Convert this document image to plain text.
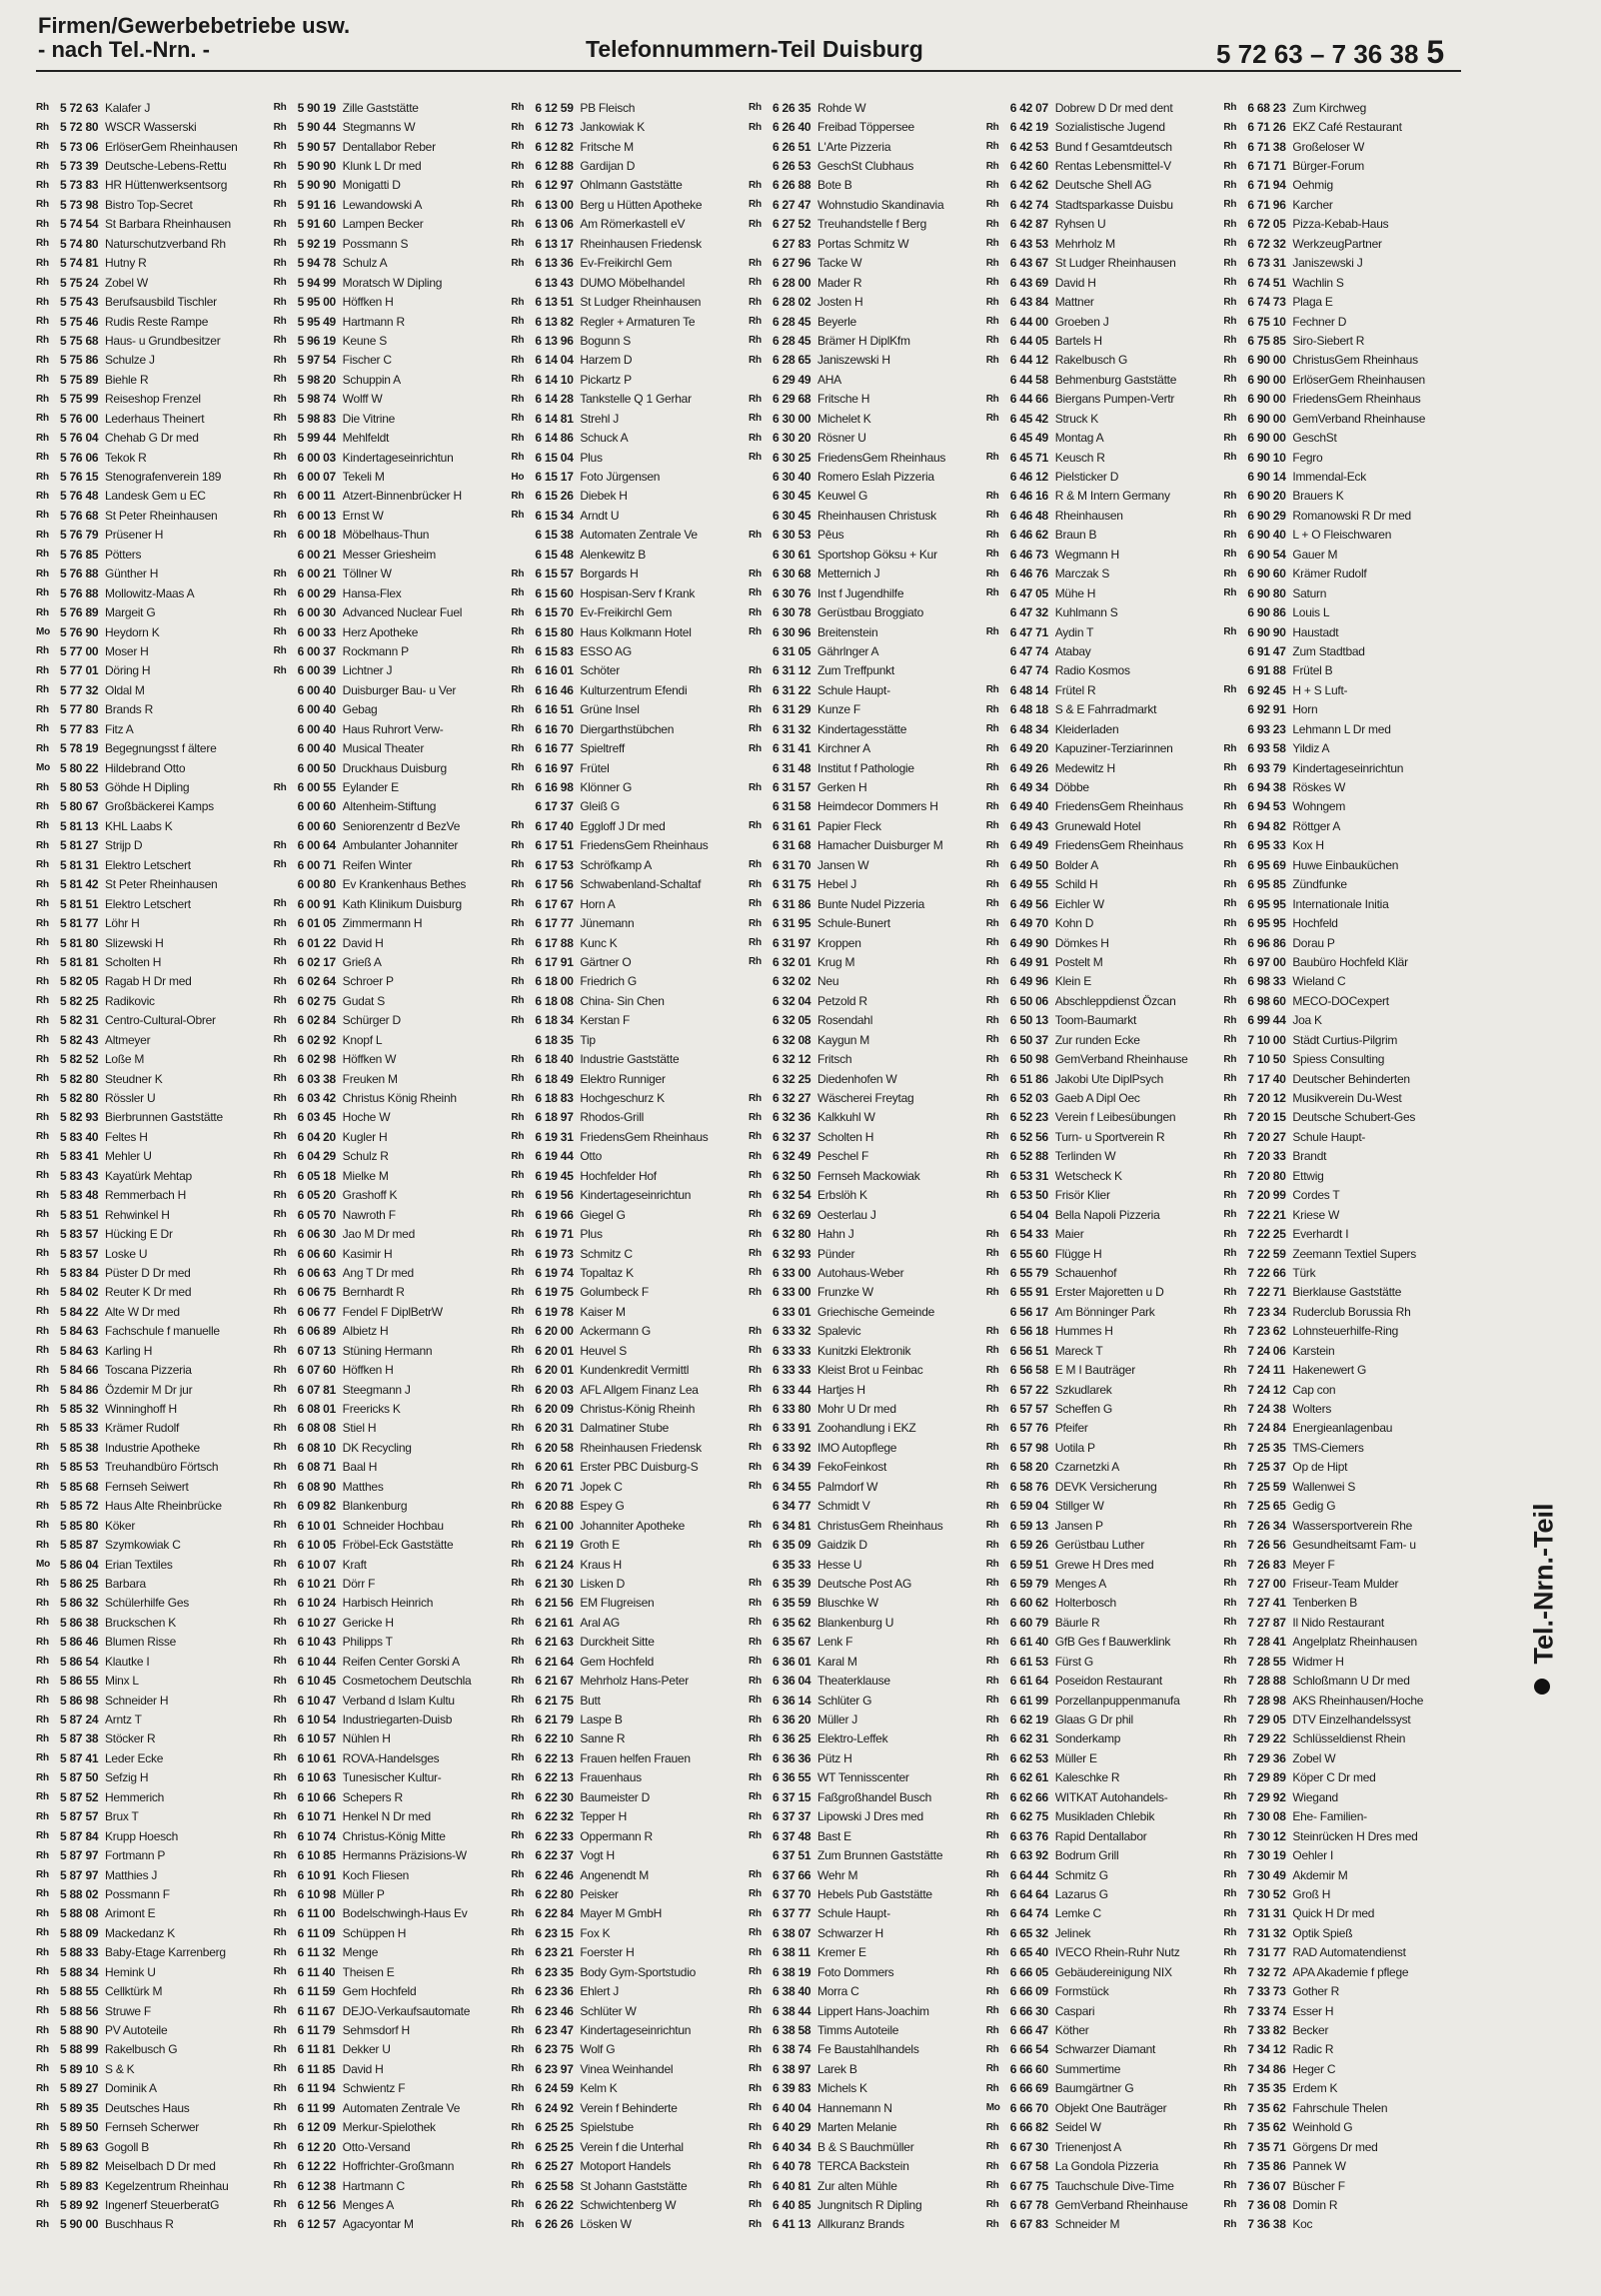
Firmen/Gewerbebetriebe usw.
- nach Tel.-Nrn. -	Telefonnummern-Teil Duisburg	5 72 63 – 7 36 38 5
Rh 5 72 63 Kalafer J
Rh 5 72 80 WSCR Wasserski
Rh 5 73 06 ErlöserGem Rheinhausen
Rh 5 73 39 Deutsche-Lebens-Rettu
Rh 5 73 83 HR Hüttenwerksentsorg
Rh 5 73 98 Bistro Top-Secret
Rh 5 74 54 St Barbara Rheinhausen
Rh 5 74 80 Naturschutzverband Rh
Rh 5 74 81 Hutny R
Rh 5 75 24 Zobel W
Rh 5 75 43 Berufsausbild Tischler
Rh 5 75 46 Rudis Reste Rampe
Rh 5 75 68 Haus- u Grundbesitzer
Rh 5 75 86 Schulze J
Rh 5 75 89 Biehle R
Rh 5 75 99 Reiseshop Frenzel
Rh 5 76 00 Lederhaus Theinert
Rh 5 76 04 Chehab G Dr med
Rh 5 76 06 Tekok R
Rh 5 76 15 Stenografenverein 189
Rh 5 76 48 Landesk Gem u EC
Rh 5 76 68 St Peter Rheinhausen
Rh 5 76 79 Prüsener H
Rh 5 76 85 Pötters
Rh 5 76 88 Günther H
Rh 5 76 88 Mollowitz-Maas A
Rh 5 76 89 Margeit G
Mo 5 76 90 Heydorn K
Rh 5 77 00 Moser H
Rh 5 77 01 Döring H
Rh 5 77 32 Oldal M
Rh 5 77 80 Brands R
Rh 5 77 83 Fitz A
Rh 5 78 19 Begegnungsst f ältere
Mo 5 80 22 Hildebrand Otto
Rh 5 80 53 Göhde H Dipling
Rh 5 80 67 Großbäckerei Kamps
Rh 5 81 13 KHL Laabs K
Rh 5 81 27 Strijp D
Rh 5 81 31 Elektro Letschert
Rh 5 81 42 St Peter Rheinhausen
Rh 5 81 51 Elektro Letschert
Rh 5 81 77 Löhr H
Rh 5 81 80 Slizewski H
Rh 5 81 81 Scholten H
Rh 5 82 05 Ragab H Dr med
Rh 5 82 25 Radikovic
Rh 5 82 31 Centro-Cultural-Obrer
Rh 5 82 43 Altmeyer
Rh 5 82 52 Loße M
Rh 5 82 80 Steudner K
Rh 5 82 80 Rössler U
Rh 5 82 93 Bierbrunnen Gaststätte
Rh 5 83 40 Feltes H
Rh 5 83 41 Mehler U
Rh 5 83 43 Kayatürk Mehtap
Rh 5 83 48 Remmerbach H
Rh 5 83 51 Rehwinkel H
Rh 5 83 57 Hücking E Dr
Rh 5 83 57 Loske U
Rh 5 83 84 Püster D Dr med
Rh 5 84 02 Reuter K Dr med
Rh 5 84 22 Alte W Dr med
Rh 5 84 63 Fachschule f manuelle
Rh 5 84 63 Karling H
Rh 5 84 66 Toscana Pizzeria
Rh 5 84 86 Özdemir M Dr jur
Rh 5 85 32 Winninghoff H
Rh 5 85 33 Krämer Rudolf
Rh 5 85 38 Industrie Apotheke
Rh 5 85 53 Treuhandbüro Förtsch
Rh 5 85 68 Fernseh Seiwert
Rh 5 85 72 Haus Alte Rheinbrücke
Rh 5 85 80 Köker
Rh 5 85 87 Szymkowiak C
Mo 5 86 04 Erian Textiles
Rh 5 86 25 Barbara
Rh 5 86 32 Schülerhilfe Ges
Rh 5 86 38 Bruckschen K
Rh 5 86 46 Blumen Risse
Rh 5 86 54 Klautke I
Rh 5 86 55 Minx L
Rh 5 86 98 Schneider H
Rh 5 87 24 Arntz T
Rh 5 87 38 Stöcker R
Rh 5 87 41 Leder Ecke
Rh 5 87 50 Sefzig H
Rh 5 87 52 Hemmerich
Rh 5 87 57 Brux T
Rh 5 87 84 Krupp Hoesch
Rh 5 87 97 Fortmann P
Rh 5 87 97 Matthies J
Rh 5 88 02 Possmann F
Rh 5 88 08 Arimont E
Rh 5 88 09 Mackedanz K
Rh 5 88 33 Baby-Etage Karrenberg
Rh 5 88 34 Hemink U
Rh 5 88 55 Cellktürk M
Rh 5 88 56 Struwe F
Rh 5 88 90 PV Autoteile
Rh 5 88 99 Rakelbusch G
Rh 5 89 10 S & K
Rh 5 89 27 Dominik A
Rh 5 89 35 Deutsches Haus
Rh 5 89 50 Fernseh Scherwer
Rh 5 89 63 Gogoll B
Rh 5 89 82 Meiselbach D Dr med
Rh 5 89 83 Kegelzentrum Rheinhau
Rh 5 89 92 Ingenerf SteuerberatG
Rh 5 90 00 Buschhaus R
Rh 5 90 19 Zille Gaststätte
Rh 5 90 44 Stegmanns W
Rh 5 90 57 Dentallabor Reber
Rh 5 90 90 Klunk L Dr med
Rh 5 90 90 Monigatti D
Rh 5 91 16 Lewandowski A
Rh 5 91 60 Lampen Becker
Rh 5 92 19 Possmann S
Rh 5 94 78 Schulz A
Rh 5 94 99 Moratsch W Dipling
Rh 5 95 00 Höffken H
Rh 5 95 49 Hartmann R
Rh 5 96 19 Keune S
Rh 5 97 54 Fischer C
Rh 5 98 20 Schuppin A
Rh 5 98 74 Wolff W
Rh 5 98 83 Die Vitrine
Rh 5 99 44 Mehlfeldt
Rh 6 00 03 Kindertageseinrichtun
Rh 6 00 07 Tekeli M
Rh 6 00 11 Atzert-Binnenbrücker H
Rh 6 00 13 Ernst W
Rh 6 00 18 Möbelhaus-Thun
6 00 21 Messer Griesheim
Rh 6 00 21 Töllner W
Rh 6 00 29 Hansa-Flex
Rh 6 00 30 Advanced Nuclear Fuel
Rh 6 00 33 Herz Apotheke
Rh 6 00 37 Rockmann P
Rh 6 00 39 Lichtner J
6 00 40 Duisburger Bau- u Ver
6 00 40 Gebag
6 00 40 Haus Ruhrort Verw-
6 00 40 Musical Theater
6 00 50 Druckhaus Duisburg
Rh 6 00 55 Eylander E
6 00 60 Altenheim-Stiftung
6 00 60 Seniorenzentr d BezVe
Rh 6 00 64 Ambulanter Johanniter
Rh 6 00 71 Reifen Winter
6 00 80 Ev Krankenhaus Bethes
Rh 6 00 91 Kath Klinikum Duisburg
Rh 6 01 05 Zimmermann H
Rh 6 01 22 David H
Rh 6 02 17 Grieß A
Rh 6 02 64 Schroer P
Rh 6 02 75 Gudat S
Rh 6 02 84 Schürger D
Rh 6 02 92 Knopf L
Rh 6 02 98 Höffken W
Rh 6 03 38 Freuken M
Rh 6 03 42 Christus König Rheinh
Rh 6 03 45 Hoche W
Rh 6 04 20 Kugler H
Rh 6 04 29 Schulz R
Rh 6 05 18 Mielke M
Rh 6 05 20 Grashoff K
Rh 6 05 70 Nawroth F
Rh 6 06 30 Jao M Dr med
Rh 6 06 60 Kasimir H
Rh 6 06 63 Ang T Dr med
Rh 6 06 75 Bernhardt R
Rh 6 06 77 Fendel F DiplBetrW
Rh 6 06 89 Albietz H
Rh 6 07 13 Stüning Hermann
Rh 6 07 60 Höffken H
Rh 6 07 81 Steegmann J
Rh 6 08 01 Freericks K
Rh 6 08 08 Stiel H
Rh 6 08 10 DK Recycling
Rh 6 08 71 Baal H
Rh 6 08 90 Matthes
Rh 6 09 82 Blankenburg
Rh 6 10 01 Schneider Hochbau
Rh 6 10 05 Fröbel-Eck Gaststätte
Rh 6 10 07 Kraft
Rh 6 10 21 Dörr F
Rh 6 10 24 Harbisch Heinrich
Rh 6 10 27 Gericke H
Rh 6 10 43 Philipps T
Rh 6 10 44 Reifen Center Gorski A
Rh 6 10 45 Cosmetochem Deutschla
Rh 6 10 47 Verband d Islam Kultu
Rh 6 10 54 Industriegarten-Duisb
Rh 6 10 57 Nühlen H
Rh 6 10 61 ROVA-Handelsges
Rh 6 10 63 Tunesischer Kultur-
Rh 6 10 66 Schepers R
Rh 6 10 71 Henkel N Dr med
Rh 6 10 74 Christus-König Mitte
Rh 6 10 85 Hermanns Präzisions-W
Rh 6 10 91 Koch Fliesen
Rh 6 10 98 Müller P
Rh 6 11 00 Bodelschwingh-Haus Ev
Rh 6 11 09 Schüppen H
Rh 6 11 32 Menge
Rh 6 11 40 Theisen E
Rh 6 11 59 Gem Hochfeld
Rh 6 11 67 DEJO-Verkaufsautomate
Rh 6 11 79 Sehmsdorf H
Rh 6 11 81 Dekker U
Rh 6 11 85 David H
Rh 6 11 94 Schwientz F
Rh 6 11 99 Automaten Zentrale Ve
Rh 6 12 09 Merkur-Spielothek
Rh 6 12 20 Otto-Versand
Rh 6 12 22 Hoffrichter-Großmann
Rh 6 12 38 Hartmann C
Rh 6 12 56 Menges A
Rh 6 12 57 Agacyontar M
Rh 6 12 59 PB Fleisch
Rh 6 12 73 Jankowiak K
Rh 6 12 82 Fritsche M
Rh 6 12 88 Gardijan D
Rh 6 12 97 Ohlmann Gaststätte
Rh 6 13 00 Berg u Hütten Apotheke
Rh 6 13 06 Am Römerkastell eV
Rh 6 13 17 Rheinhausen Friedensk
Rh 6 13 36 Ev-Freikirchl Gem
6 13 43 DUMO Möbelhandel
Rh 6 13 51 St Ludger Rheinhausen
Rh 6 13 82 Regler + Armaturen Te
Rh 6 13 96 Bogunn S
Rh 6 14 04 Harzem D
Rh 6 14 10 Pickartz P
Rh 6 14 28 Tankstelle Q 1 Gerhar
Rh 6 14 81 Strehl J
Rh 6 14 86 Schuck A
Rh 6 15 04 Plus
Ho 6 15 17 Foto Jürgensen
Rh 6 15 26 Diebek H
Rh 6 15 34 Arndt U
6 15 38 Automaten Zentrale Ve
6 15 48 Alenkewitz B
Rh 6 15 57 Borgards H
Rh 6 15 60 Hospisan-Serv f Krank
Rh 6 15 70 Ev-Freikirchl Gem
Rh 6 15 80 Haus Kolkmann Hotel
Rh 6 15 83 ESSO AG
Rh 6 16 01 Schöter
Rh 6 16 46 Kulturzentrum Efendi
Rh 6 16 51 Grüne Insel
Rh 6 16 70 Diergarthstübchen
Rh 6 16 77 Spieltreff
Rh 6 16 97 Frütel
Rh 6 16 98 Klönner G
6 17 37 Gleiß G
Rh 6 17 40 Eggloff J Dr med
Rh 6 17 51 FriedensGem Rheinhaus
Rh 6 17 53 Schröfkamp A
Rh 6 17 56 Schwabenland-Schaltaf
Rh 6 17 67 Horn A
Rh 6 17 77 Jünemann
Rh 6 17 88 Kunc K
Rh 6 17 91 Gärtner O
Rh 6 18 00 Friedrich G
Rh 6 18 08 China- Sin Chen
Rh 6 18 34 Kerstan F
6 18 35 Tip
Rh 6 18 40 Industrie Gaststätte
Rh 6 18 49 Elektro Runniger
Rh 6 18 83 Hochgeschurz K
Rh 6 18 97 Rhodos-Grill
Rh 6 19 31 FriedensGem Rheinhaus
Rh 6 19 44 Otto
Rh 6 19 45 Hochfelder Hof
Rh 6 19 56 Kindertageseinrichtun
Rh 6 19 66 Giegel G
Rh 6 19 71 Plus
Rh 6 19 73 Schmitz C
Rh 6 19 74 Topaltaz K
Rh 6 19 75 Golumbeck F
Rh 6 19 78 Kaiser M
Rh 6 20 00 Ackermann G
Rh 6 20 01 Heuvel S
Rh 6 20 01 Kundenkredit Vermittl
Rh 6 20 03 AFL Allgem Finanz Lea
Rh 6 20 09 Christus-König Rheinh
Rh 6 20 31 Dalmatiner Stube
Rh 6 20 58 Rheinhausen Friedensk
Rh 6 20 61 Erster PBC Duisburg-S
Rh 6 20 71 Jopek C
Rh 6 20 88 Espey G
Rh 6 21 00 Johanniter Apotheke
Rh 6 21 19 Groth E
Rh 6 21 24 Kraus H
Rh 6 21 30 Lisken D
Rh 6 21 56 EM Flugreisen
Rh 6 21 61 Aral AG
Rh 6 21 63 Durckheit Sitte
Rh 6 21 64 Gem Hochfeld
Rh 6 21 67 Mehrholz Hans-Peter
Rh 6 21 75 Butt
Rh 6 21 79 Laspe B
Rh 6 22 10 Sanne R
Rh 6 22 13 Frauen helfen Frauen
Rh 6 22 13 Frauenhaus
Rh 6 22 30 Baumeister D
Rh 6 22 32 Tepper H
Rh 6 22 33 Oppermann R
Rh 6 22 37 Vogt H
Rh 6 22 46 Angenendt M
Rh 6 22 80 Peisker
Rh 6 22 84 Mayer M GmbH
Rh 6 23 15 Fox K
Rh 6 23 21 Foerster H
Rh 6 23 35 Body Gym-Sportstudio
Rh 6 23 36 Ehlert J
Rh 6 23 46 Schlüter W
Rh 6 23 47 Kindertageseinrichtun
Rh 6 23 75 Wolf G
Rh 6 23 97 Vinea Weinhandel
Rh 6 24 59 Kelm K
Rh 6 24 92 Verein f Behinderte
Rh 6 25 25 Spielstube
Rh 6 25 25 Verein f die Unterhal
Rh 6 25 27 Motoport Handels
Rh 6 25 58 St Johann Gaststätte
Rh 6 26 22 Schwichtenberg W
Rh 6 26 26 Lösken W
Rh 6 26 35 Rohde W
Rh 6 26 40 Freibad Töppersee
6 26 51 L'Arte Pizzeria
6 26 53 GeschSt Clubhaus
Rh 6 26 88 Bote B
Rh 6 27 47 Wohnstudio Skandinavia
Rh 6 27 52 Treuhandstelle f Berg
6 27 83 Portas Schmitz W
Rh 6 27 96 Tacke W
Rh 6 28 00 Mader R
Rh 6 28 02 Josten H
Rh 6 28 45 Beyerle
Rh 6 28 45 Brämer H DiplKfm
Rh 6 28 65 Janiszewski H
6 29 49 AHA
Rh 6 29 68 Fritsche H
Rh 6 30 00 Michelet K
Rh 6 30 20 Rösner U
Rh 6 30 25 FriedensGem Rheinhaus
6 30 40 Romero Eslah Pizzeria
6 30 45 Keuwel G
6 30 45 Rheinhausen Christusk
Rh 6 30 53 Pēus
6 30 61 Sportshop Göksu + Kur
Rh 6 30 68 Metternich J
Rh 6 30 76 Inst f Jugendhilfe
Rh 6 30 78 Gerüstbau Broggiato
Rh 6 30 96 Breitenstein
6 31 05 Gährlnger A
Rh 6 31 12 Zum Treffpunkt
Rh 6 31 22 Schule Haupt-
Rh 6 31 29 Kunze F
Rh 6 31 32 Kindertagesstätte
Rh 6 31 41 Kirchner A
6 31 48 Institut f Pathologie
Rh 6 31 57 Gerken H
6 31 58 Heimdecor Dommers H
Rh 6 31 61 Papier Fleck
6 31 68 Hamacher Duisburger M
Rh 6 31 70 Jansen W
Rh 6 31 75 Hebel J
Rh 6 31 86 Bunte Nudel Pizzeria
Rh 6 31 95 Schule-Bunert
Rh 6 31 97 Kroppen
Rh 6 32 01 Krug M
6 32 02 Neu
6 32 04 Petzold R
6 32 05 Rosendahl
6 32 08 Kaygun M
6 32 12 Fritsch
6 32 25 Diedenhofen W
Rh 6 32 27 Wäscherei Freytag
Rh 6 32 36 Kalkkuhl W
Rh 6 32 37 Scholten H
Rh 6 32 49 Peschel F
Rh 6 32 50 Fernseh Mackowiak
Rh 6 32 54 Erbslöh K
Rh 6 32 69 Oesterlau J
Rh 6 32 80 Hahn J
Rh 6 32 93 Pünder
Rh 6 33 00 Autohaus-Weber
Rh 6 33 00 Frunzke W
6 33 01 Griechische Gemeinde
Rh 6 33 32 Spalevic
Rh 6 33 33 Kunitzki Elektronik
Rh 6 33 33 Kleist Brot u Feinbac
Rh 6 33 44 Hartjes H
Rh 6 33 80 Mohr U Dr med
Rh 6 33 91 Zoohandlung i EKZ
Rh 6 33 92 IMO Autopflege
Rh 6 34 39 FekoFeinkost
Rh 6 34 55 Palmdorf W
6 34 77 Schmidt V
Rh 6 34 81 ChristusGem Rheinhaus
Rh 6 35 09 Gaidzik D
6 35 33 Hesse U
Rh 6 35 39 Deutsche Post AG
Rh 6 35 59 Bluschke W
Rh 6 35 62 Blankenburg U
Rh 6 35 67 Lenk F
Rh 6 36 01 Karal M
Rh 6 36 04 Theaterklause
Rh 6 36 14 Schlüter G
Rh 6 36 20 Müller J
Rh 6 36 25 Elektro-Leffek
Rh 6 36 36 Pütz H
Rh 6 36 55 WT Tennisscenter
Rh 6 37 15 Faßgroßhandel Busch
Rh 6 37 37 Lipowski J Dres med
Rh 6 37 48 Bast E
6 37 51 Zum Brunnen Gaststätte
Rh 6 37 66 Wehr M
Rh 6 37 70 Hebels Pub Gaststätte
Rh 6 37 77 Schule Haupt-
Rh 6 38 07 Schwarzer H
Rh 6 38 11 Kremer E
Rh 6 38 19 Foto Dommers
Rh 6 38 40 Morra C
Rh 6 38 44 Lippert Hans-Joachim
Rh 6 38 58 Timms Autoteile
Rh 6 38 74 Fe Baustahlhandels
Rh 6 38 97 Larek B
Rh 6 39 83 Michels K
Rh 6 40 04 Hannemann N
Rh 6 40 29 Marten Melanie
Rh 6 40 34 B & S Bauchmüller
Rh 6 40 78 TERCA Backstein
Rh 6 40 81 Zur alten Mühle
Rh 6 40 85 Jungnitsch R Dipling
Rh 6 41 13 Allkuranz Brands
6 42 07 Dobrew D Dr med dent
Rh 6 42 19 Sozialistische Jugend
Rh 6 42 53 Bund f Gesamtdeutsch
Rh 6 42 60 Rentas Lebensmittel-V
Rh 6 42 62 Deutsche Shell AG
Rh 6 42 74 Stadtsparkasse Duisbu
Rh 6 42 87 Ryhsen U
Rh 6 43 53 Mehrholz M
Rh 6 43 67 St Ludger Rheinhausen
Rh 6 43 69 David H
Rh 6 43 84 Mattner
Rh 6 44 00 Groeben J
Rh 6 44 05 Bartels H
Rh 6 44 12 Rakelbusch G
6 44 58 Behmenburg Gaststätte
Rh 6 44 66 Biergans Pumpen-Vertr
Rh 6 45 42 Struck K
6 45 49 Montag A
Rh 6 45 71 Keusch R
6 46 12 Pielsticker D
Rh 6 46 16 R & M Intern Germany
Rh 6 46 48 Rheinhausen
Rh 6 46 62 Braun B
Rh 6 46 73 Wegmann H
Rh 6 46 76 Marczak S
Rh 6 47 05 Mühe H
6 47 32 Kuhlmann S
Rh 6 47 71 Aydin T
6 47 74 Atabay
6 47 74 Radio Kosmos
Rh 6 48 14 Frütel R
Rh 6 48 18 S & E Fahrradmarkt
Rh 6 48 34 Kleiderladen
Rh 6 49 20 Kapuziner-Terziarinnen
Rh 6 49 26 Medewitz H
Rh 6 49 34 Döbbe
Rh 6 49 40 FriedensGem Rheinhaus
Rh 6 49 43 Grunewald Hotel
Rh 6 49 49 FriedensGem Rheinhaus
Rh 6 49 50 Bolder A
Rh 6 49 55 Schild H
Rh 6 49 56 Eichler W
Rh 6 49 70 Kohn D
Rh 6 49 90 Dömkes H
Rh 6 49 91 Postelt M
Rh 6 49 96 Klein E
Rh 6 50 06 Abschleppdienst Özcan
Rh 6 50 13 Toom-Baumarkt
Rh 6 50 37 Zur runden Ecke
Rh 6 50 98 GemVerband Rheinhause
Rh 6 51 86 Jakobi Ute DiplPsych
Rh 6 52 03 Gaeb A Dipl Oec
Rh 6 52 23 Verein f Leibesübungen
Rh 6 52 56 Turn- u Sportverein R
Rh 6 52 88 Terlinden W
Rh 6 53 31 Wetscheck K
Rh 6 53 50 Frisör Klier
6 54 04 Bella Napoli Pizzeria
Rh 6 54 33 Maier
Rh 6 55 60 Flügge H
Rh 6 55 79 Schauenhof
Rh 6 55 91 Erster Majoretten u D
6 56 17 Am Bönninger Park
Rh 6 56 18 Hummes H
Rh 6 56 51 Mareck T
Rh 6 56 58 E M I Bauträger
Rh 6 57 22 Szkudlarek
Rh 6 57 57 Scheffen G
Rh 6 57 76 Pfeifer
Rh 6 57 98 Uotila P
Rh 6 58 20 Czarnetzki A
Rh 6 58 76 DEVK Versicherung
Rh 6 59 04 Stillger W
Rh 6 59 13 Jansen P
Rh 6 59 26 Gerüstbau Luther
Rh 6 59 51 Grewe H Dres med
Rh 6 59 79 Menges A
Rh 6 60 62 Holterbosch
Rh 6 60 79 Bäurle R
Rh 6 61 40 GfB Ges f Bauwerklink
Rh 6 61 53 Fürst G
Rh 6 61 64 Poseidon Restaurant
Rh 6 61 99 Porzellanpuppenmanufa
Rh 6 62 19 Glaas G Dr phil
Rh 6 62 31 Sonderkamp
Rh 6 62 53 Müller E
Rh 6 62 61 Kaleschke R
Rh 6 62 66 WITKAT Autohandels-
Rh 6 62 75 Musikladen Chlebik
Rh 6 63 76 Rapid Dentallabor
Rh 6 63 92 Bodrum Grill
Rh 6 64 44 Schmitz G
Rh 6 64 64 Lazarus G
Rh 6 64 74 Lemke C
Rh 6 65 32 Jelinek
Rh 6 65 40 IVECO Rhein-Ruhr Nutz
Rh 6 66 05 Gebäudereinigung NIX
Rh 6 66 09 Formstück
Rh 6 66 30 Caspari
Rh 6 66 47 Köther
Rh 6 66 54 Schwarzer Diamant
Rh 6 66 60 Summertime
Rh 6 66 69 Baumgärtner G
Mo 6 66 70 Objekt One Bauträger
Rh 6 66 82 Seidel W
Rh 6 67 30 Trienenjost A
Rh 6 67 58 La Gondola Pizzeria
Rh 6 67 75 Tauchschule Dive-Time
Rh 6 67 78 GemVerband Rheinhause
Rh 6 67 83 Schneider M
Rh 6 68 23 Zum Kirchweg
Rh 6 71 26 EKZ Café Restaurant
Rh 6 71 38 Großeloser W
Rh 6 71 71 Bürger-Forum
Rh 6 71 94 Oehmig
Rh 6 71 96 Karcher
Rh 6 72 05 Pizza-Kebab-Haus
Rh 6 72 32 WerkzeugPartner
Rh 6 73 31 Janiszewski J
Rh 6 74 51 Wachlin S
Rh 6 74 73 Plaga E
Rh 6 75 10 Fechner D
Rh 6 75 85 Siro-Siebert R
Rh 6 90 00 ChristusGem Rheinhaus
Rh 6 90 00 ErlöserGem Rheinhausen
Rh 6 90 00 FriedensGem Rheinhaus
Rh 6 90 00 GemVerband Rheinhause
Rh 6 90 00 GeschSt
Rh 6 90 10 Fegro
6 90 14 Immendal-Eck
Rh 6 90 20 Brauers K
Rh 6 90 29 Romanowski R Dr med
Rh 6 90 40 L + O Fleischwaren
Rh 6 90 54 Gauer M
Rh 6 90 60 Krämer Rudolf
Rh 6 90 80 Saturn
6 90 86 Louis L
Rh 6 90 90 Haustadt
6 91 47 Zum Stadtbad
6 91 88 Frütel B
Rh 6 92 45 H + S Luft-
6 92 91 Horn
6 93 23 Lehmann L Dr med
Rh 6 93 58 Yildiz A
Rh 6 93 79 Kindertageseinrichtun
Rh 6 94 38 Röskes W
Rh 6 94 53 Wohngem
Rh 6 94 82 Röttger A
Rh 6 95 33 Kox H
Rh 6 95 69 Huwe Einbauküchen
Rh 6 95 85 Zündfunke
Rh 6 95 95 Internationale Initia
Rh 6 95 95 Hochfeld
Rh 6 96 86 Dorau P
Rh 6 97 00 Baubüro Hochfeld Klär
Rh 6 98 33 Wieland C
Rh 6 98 60 MECO-DOCexpert
Rh 6 99 44 Joa K
Rh 7 10 00 Städt Curtius-Pilgrim
Rh 7 10 50 Spiess Consulting
Rh 7 17 40 Deutscher Behinderten
Rh 7 20 12 Musikverein Du-West
Rh 7 20 15 Deutsche Schubert-Ges
Rh 7 20 27 Schule Haupt-
Rh 7 20 33 Brandt
Rh 7 20 80 Ettwig
Rh 7 20 99 Cordes T
Rh 7 22 21 Kriese W
Rh 7 22 25 Everhardt I
Rh 7 22 59 Zeemann Textiel Supers
Rh 7 22 66 Türk
Rh 7 22 71 Bierklause Gaststätte
Rh 7 23 34 Ruderclub Borussia Rh
Rh 7 23 62 Lohnsteuerhilfe-Ring
Rh 7 24 06 Karstein
Rh 7 24 11 Hakenewert G
Rh 7 24 12 Cap con
Rh 7 24 38 Wolters
Rh 7 24 84 Energieanlagenbau
Rh 7 25 35 TMS-Ciemers
Rh 7 25 37 Op de Hipt
Rh 7 25 59 Wallenwei S
Rh 7 25 65 Gedig G
Rh 7 26 34 Wassersportverein Rhe
Rh 7 26 56 Gesundheitsamt Fam- u
Rh 7 26 83 Meyer F
Rh 7 27 00 Friseur-Team Mulder
Rh 7 27 41 Tenberken B
Rh 7 27 87 Il Nido Restaurant
Rh 7 28 41 Angelplatz Rheinhausen
Rh 7 28 55 Widmer H
Rh 7 28 88 Schloßmann U Dr med
Rh 7 28 98 AKS Rheinhausen/Hoche
Rh 7 29 05 DTV Einzelhandelssyst
Rh 7 29 22 Schlüsseldienst Rhein
Rh 7 29 36 Zobel W
Rh 7 29 89 Köper C Dr med
Rh 7 29 92 Wiegand
Rh 7 30 08 Ehe- Familien-
Rh 7 30 12 Steinrücken H Dres med
Rh 7 30 19 Oehler I
Rh 7 30 49 Akdemir M
Rh 7 30 52 Groß H
Rh 7 31 31 Quick H Dr med
Rh 7 31 32 Optik Spieß
Rh 7 31 77 RAD Automatendienst
Rh 7 32 72 APA Akademie f pflege
Rh 7 33 73 Gother R
Rh 7 33 74 Esser H
Rh 7 33 82 Becker
Rh 7 34 12 Radic R
Rh 7 34 86 Heger C
Rh 7 35 35 Erdem K
Rh 7 35 62 Fahrschule Thelen
Rh 7 35 62 Weinhold G
Rh 7 35 71 Görgens Dr med
Rh 7 35 86 Pannek W
Rh 7 36 07 Büscher F
Rh 7 36 08 Domin R
Rh 7 36 38 Koc
Tel.-Nrn.-Teil
